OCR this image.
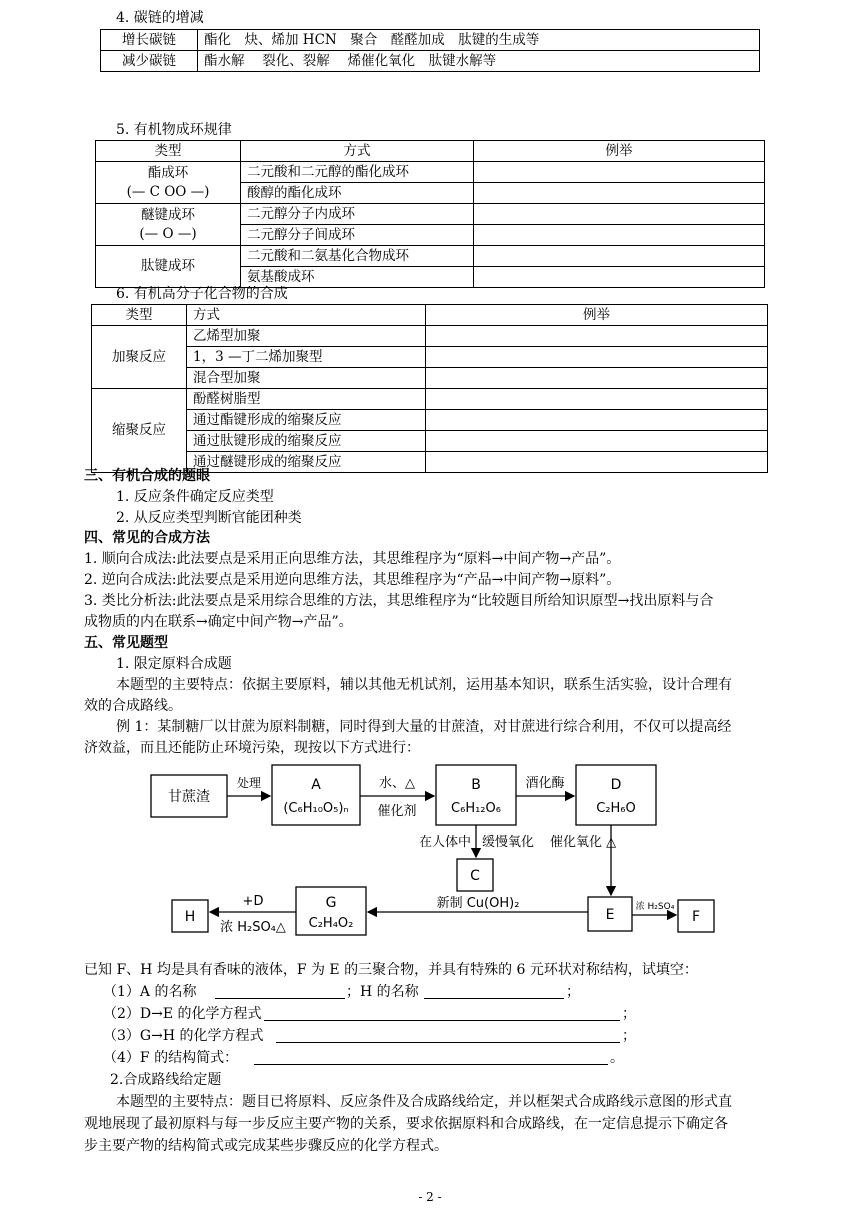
4. 碳链的增减
增长碳链	酯化　炔、烯加 HCN　聚合　醛醛加成　肽键的生成等
减少碳链	酯水解　 裂化、裂解　 烯催化氧化　肽键水解等
5. 有机物成环规律
类型	方式	例举
酯成环
(— C OO —)	二元酸和二元醇的酯化成环	
	酸醇的酯化成环	
醚键成环
(— O —)	二元醇分子内成环	
	二元醇分子间成环	
肽键成环	二元酸和二氨基化合物成环	
	氨基酸成环	
6. 有机高分子化合物的合成
类型	方式	例举
加聚反应	乙烯型加聚	
	1，3 —丁二烯加聚型	
	混合型加聚	
缩聚反应	酚醛树脂型	
	通过酯键形成的缩聚反应	
	通过肽键形成的缩聚反应	
	通过醚键形成的缩聚反应	
三、有机合成的题眼
1. 反应条件确定反应类型
2. 从反应类型判断官能团种类
四、常见的合成方法
1. 顺向合成法:此法要点是采用正向思维方法，其思维程序为“原料→中间产物→产品”。
2. 逆向合成法:此法要点是采用逆向思维方法，其思维程序为“产品→中间产物→原料”。
3. 类比分析法:此法要点是采用综合思维的方法，其思维程序为“比较题目所给知识原型→找出原料与合
成物质的内在联系→确定中间产物→产品”。
五、常见题型
1. 限定原料合成题
本题型的主要特点：依据主要原料，辅以其他无机试剂，运用基本知识，联系生活实验，设计合理有
效的合成路线。
例 1：某制糖厂以甘蔗为原料制糖，同时得到大量的甘蔗渣，对甘蔗进行综合利用，不仅可以提高经
济效益，而且还能防止环境污染，现按以下方式进行：
甘蔗渣
处理	A
(C₆H₁₀O₅)ₙ
水、△
催化剂
B
C₆H₁₂O₆
酒化酶	D
C₂H₆O
在人体中 缓慢氧化 催化氧化 △
C
E 浓 H₂SO₄
F
新制 Cu(OH)₂
G
C₂H₄O₂
+D
浓 H₂SO₄△
H
已知 F、H 均是具有香味的液体，F 为 E 的三聚合物，并具有特殊的 6 元环状对称结构，试填空：
（1）A 的名称	；H 的名称	；
（2）D→E 的化学方程式	；
（3）G→H 的化学方程式	；
（4）F 的结构简式：	。
2.合成路线给定题
本题型的主要特点：题目已将原料、反应条件及合成路线给定，并以框架式合成路线示意图的形式直
观地展现了最初原料与每一步反应主要产物的关系，要求依据原料和合成路线，在一定信息提示下确定各
步主要产物的结构简式或完成某些步骤反应的化学方程式。
- 2 -
